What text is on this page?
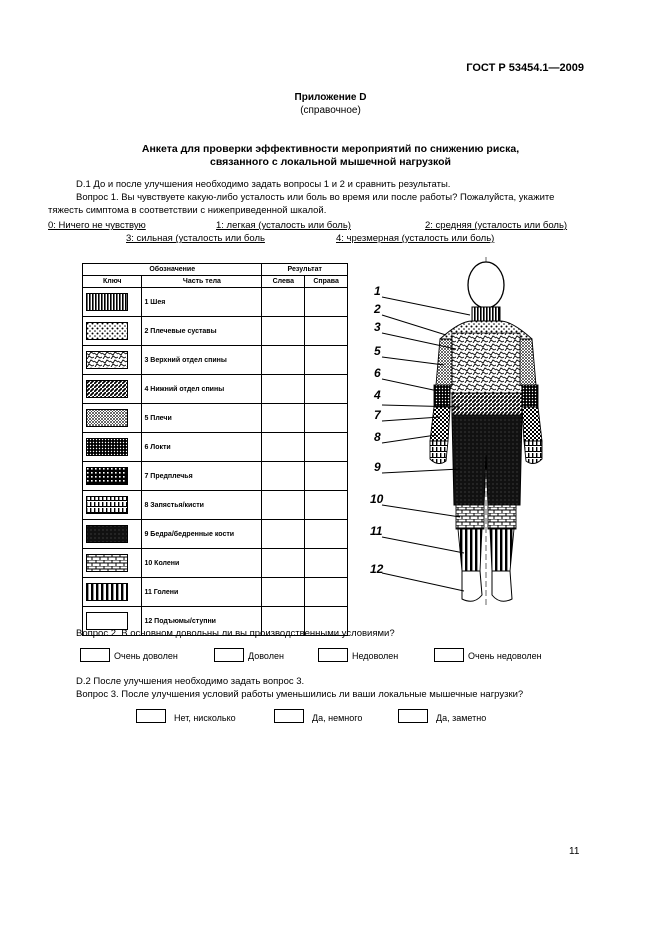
ГОСТ Р 53454.1—2009
Приложение D
(справочное)
Анкета для проверки эффективности мероприятий по снижению риска,
связанного с локальной мышечной нагрузкой
D.1 До и после улучшения необходимо задать вопросы 1 и 2 и сравнить результаты.
Вопрос 1. Вы чувствуете какую-либо усталость или боль во время или после работы? Пожалуйста, укажите
тяжесть симптома в соответствии с нижеприведенной шкалой.
0: Ничего не чувствую	1: легкая (усталость или боль)	2: средняя (усталость или боль)
3: сильная (усталость или боль	4: чрезмерная (усталость или боль)
Обозначение		Результат	
Ключ	Часть тела	Слева	Справа

	1 Шея		

	2 Плечевые суставы		

	3 Верхний отдел спины		

	4 Нижний отдел спины		

	5 Плечи		

	6 Локти		

	7 Предплечья		

	8 Запястья/кисти		

	9 Бедра/бедренные кости		

	10 Колени		

	11 Голени		

	12 Подъюмы/ступни		
1
2
3
5
6
4
7
8
9
10
11
12
Вопрос 2. В основном довольны ли вы производственными условиями?
Очень доволен	Доволен	Недоволен	Очень недоволен
D.2 После улучшения необходимо задать вопрос 3.
Вопрос 3. После улучшения условий работы уменьшились ли ваши локальные мышечные нагрузки?
Нет, нисколько	Да, немного	Да, заметно
11
